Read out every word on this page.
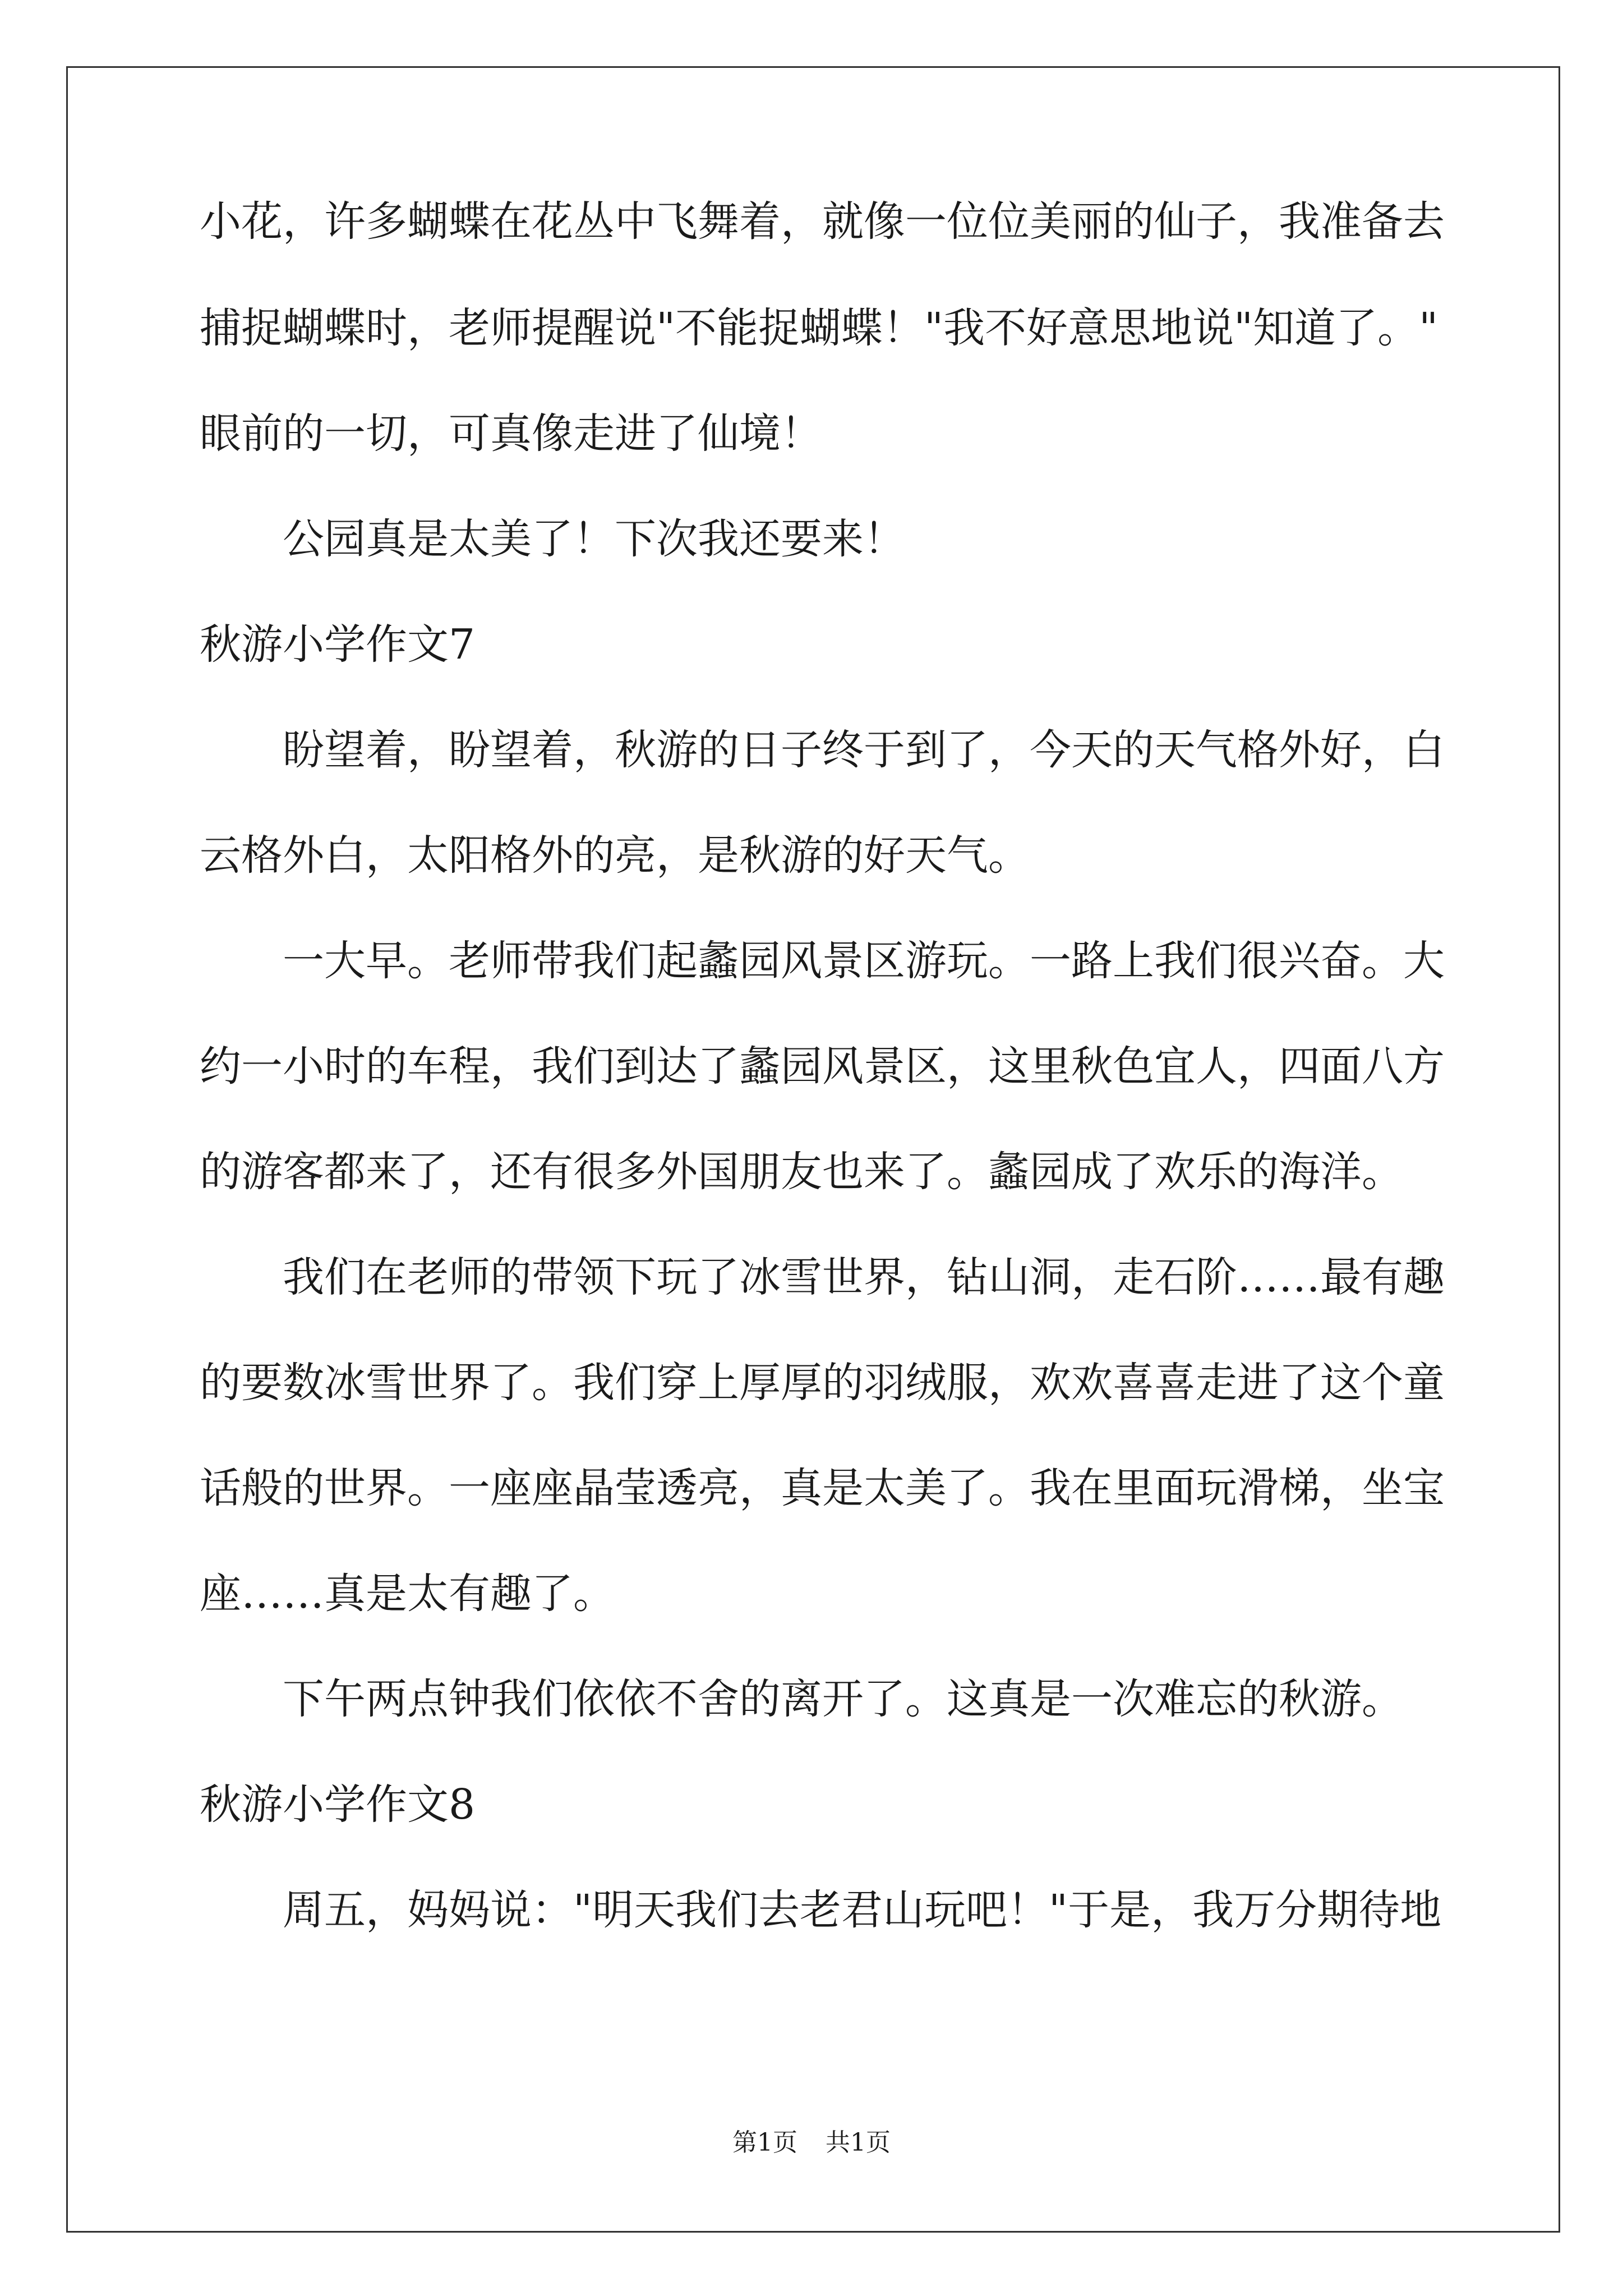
小花，许多蝴蝶在花丛中飞舞着，就像一位位美丽的仙子，我准备去
捕捉蝴蝶时，老师提醒说"不能捉蝴蝶！"我不好意思地说"知道了。"
眼前的一切，可真像走进了仙境！
公园真是太美了！下次我还要来！
秋游小学作文7
盼望着，盼望着，秋游的日子终于到了，今天的天气格外好，白
云格外白，太阳格外的亮，是秋游的好天气。
一大早。老师带我们起蠡园风景区游玩。一路上我们很兴奋。大
约一小时的车程，我们到达了蠡园风景区，这里秋色宜人，四面八方
的游客都来了，还有很多外国朋友也来了。蠡园成了欢乐的海洋。
我们在老师的带领下玩了冰雪世界，钻山洞，走石阶……最有趣
的要数冰雪世界了。我们穿上厚厚的羽绒服，欢欢喜喜走进了这个童
话般的世界。一座座晶莹透亮，真是太美了。我在里面玩滑梯，坐宝
座……真是太有趣了。
下午两点钟我们依依不舍的离开了。这真是一次难忘的秋游。
秋游小学作文8
周五，妈妈说："明天我们去老君山玩吧！"于是，我万分期待地
第1页 共1页
